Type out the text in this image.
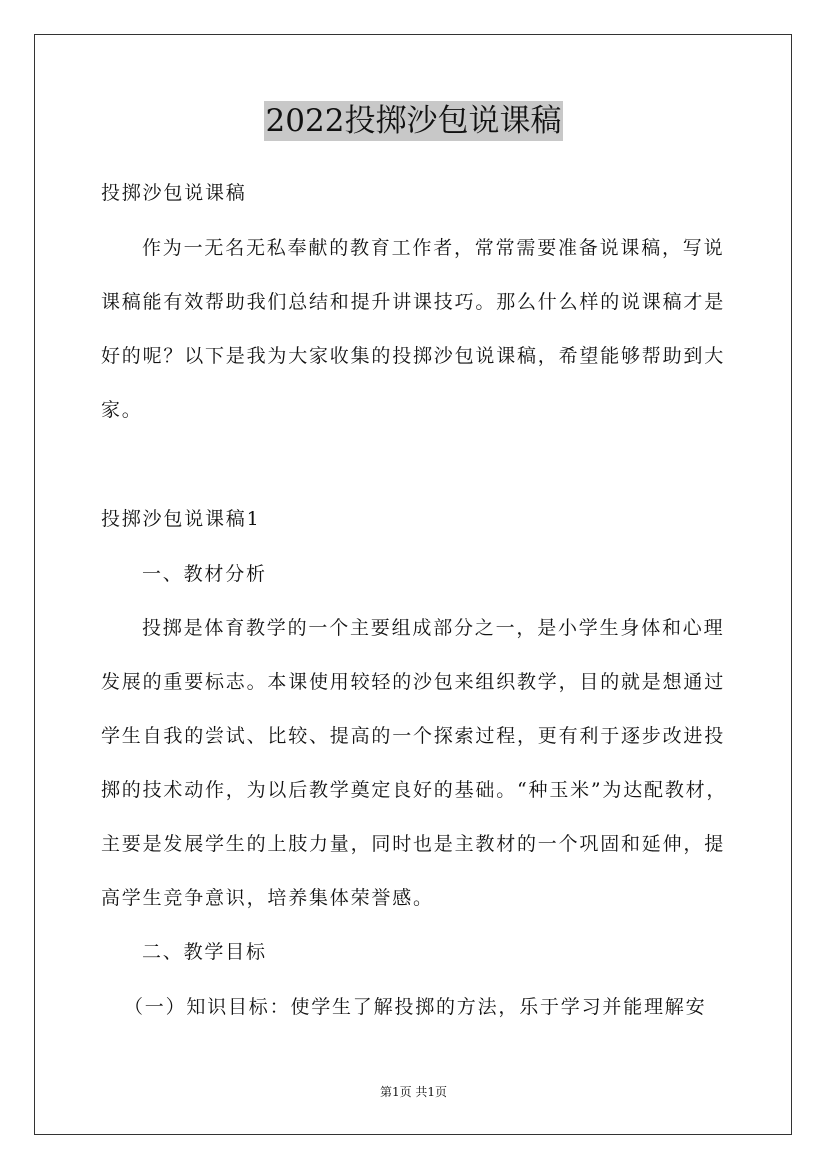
2022投掷沙包说课稿
投掷沙包说课稿
作为一无名无私奉献的教育工作者，常常需要准备说课稿，写说
课稿能有效帮助我们总结和提升讲课技巧。那么什么样的说课稿才是
好的呢？以下是我为大家收集的投掷沙包说课稿，希望能够帮助到大
家。
投掷沙包说课稿1
一、教材分析
投掷是体育教学的一个主要组成部分之一，是小学生身体和心理
发展的重要标志。本课使用较轻的沙包来组织教学，目的就是想通过
学生自我的尝试、比较、提高的一个探索过程，更有利于逐步改进投
掷的技术动作，为以后教学奠定良好的基础。“种玉米”为达配教材，
主要是发展学生的上肢力量，同时也是主教材的一个巩固和延伸，提
高学生竞争意识，培养集体荣誉感。
二、教学目标
（一）知识目标：使学生了解投掷的方法，乐于学习并能理解安
第1页 共1页
